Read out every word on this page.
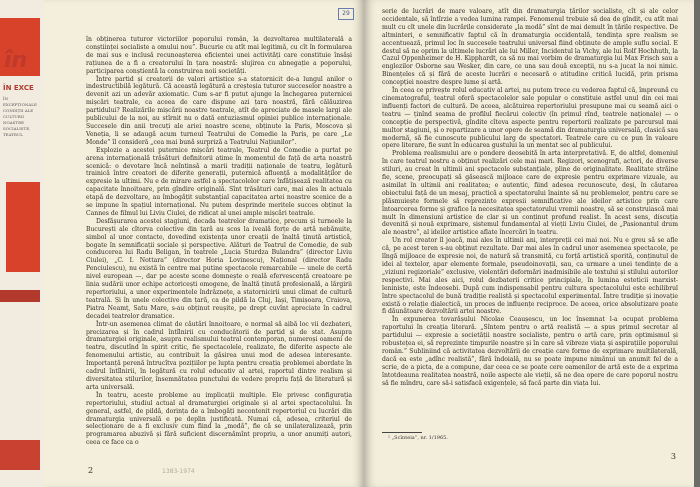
în
ÎN EXCE
ÎN EXCEPȚIONALE CONDIȚII ALE CULTURII NOASTRE SOCIALISTE, TEATRUL
29

în obținerea tuturor victoriilor poporului român, la dezvoltarea multilaterală a conștiinței socialiste a omului nou”. Bucurie cu atît mai legitimă, cu cît în formularea de mai sus e inclusă recunoașterea eficientei unei activități care constituie însăși rațiunea de a fi a creatorului în țara noastră: slujirea cu abnegație a poporului, participarea conștientă la construirea noii societăți.

Între partid și creatorii de valori artistice s-a statornicit de-a lungul anilor o indestructibilă legătură. Că această legătură a creșteșia tuturor succeselor noastre a devenit azi un adevăr axiomatic. Cum s-ar fi putut ajunge la închegarea puternicei mișcări teatrale, ca aceea de care dispune azi țara noastră, fără călăuzirea partidului? Realizările mișcării noastre teatrale, atît de apreciate de masele largi ale publicului de la noi, au stîrnit nu o dată entuziasmul opiniei publice internaționale. Succesele din anii trecuți ale ariei noastre scene, obținute la Paris, Moscova și Veneția, li se adaugă acum turneul Teatrului de Comedie la Paris, pe care „Le Monde” îl consideră „cea mai bună surpriză a Teatrului Națiunilor”.

Explozie a acestei puternice mișcări teatrale, Teatrul de Comedie a purtat pe arena internațională trăsături definitorii atime în momentul de față de arta noastră scenică: o devotare încă neîntinsă a marii tradiții naționale de teatru, legătură trainică între creatori de diferite generații, puternică afluență a modalităților de expresie la ultimi. Nu e de mirare astfel a spectacolelor care înfățișează realitatea cu capacitate înnoitoare, prin gîndire originală. Sînt trăsături care, mai ales în actuala etapă de dezvoltare, au îmbogățit substanțial capacitatea artei noastre scenice de a se impune în spațiul internațional. Nu putem desprinde meritele succes obținut la Cannes de filmul lui Liviu Ciulei, de ridicat al unei ample mișcări teatrale.

Desfășurarea acestei stagiuni, decada teatrelor dramatice, precum și turneele la București ale cîtorva colective din țară au scos la iveală forțe de artă nebănuite, simbol al unor contacte, dovedind existența unor creații de înaltă ținută artistică, bogate în semnificații sociale și perspective. Alături de Teatrul de Comedie, de sub conducerea lui Radu Beligan, în teatrele „Lucia Sturdza Bulandra” (director Liviu Ciulei), „C. I. Nottara” (director Horia Lovinescu), Național (director Radu Penciulescu), nu există în centre mai putine spectacole remarcabile — unele de certă nivel european —, dar pe aceste scene domnește o reală efervescență creatoare pe linia sudării unor echipe actoricești omogene, de înaltă ținută profesională, a lărgirii repertoriului, a unor experimentele îndrăznețe, a statornicirii unui climat de cultură teatrală. Și în unele colective din țară, ca de pildă la Cluj, Iași, Timișoara, Craiova, Piatra Neamț, Satu Mare, s-au obținut reușite, pe drept cuvînt apreciate în cadrul decadei teatrelor dramatice.

Într-un asemenea climat de căutări înnoitoare, e normal să aibă loc vii dezbateri, precizarea și în cadrul întîlnirii cu conducătorii de partid și de stat. Asupra dramaturgiei originale, asupra realismului teatral contemporan, numeroși oameni de teatru, discutînd în spirit critic, fie spectacolele, realizate, fie diferite aspecte ale fenomenului artistic, au contribuit la găsirea unui mod de adesea interesante. Importanță perenă întrucîtva pozițiilor pe lupta pentru creația problemei abordate în cadrul întîlnirii, în legătură cu rolul educativ al artei, raportul dintre realism și diversitatea stilurilor, însemnătatea punctului de vedere propriu față de literatură și arta universală.

În teatru, aceste probleme au implicații multiple. Ele privesc configurația repertoriului, studiul actual al dramaturgiei originale și al artei spectacolului. În general, astfel, de pildă, dorința de a îmbogăți necontenit repertoriul cu lucrări din dramaturgia universală e pe deplin justificată. Numai că, adesea, criteriul de selecționare de a fi exclusiv cum fiind la „modă”, fie că se unilateralizează, prin programarea abuzivă și fără suficient discernămînt propriu, a unor anumiți autori, ceea ce face ca o

2	1383-1974

serie de lucrări de mare valoare, atît din dramaturgia țărilor socialiste, cît și ale celor occidentale, să întîrzie a vedea lumina rampei. Fenomenul trebuie să dea de gîndit, cu atît mai mult cu cît unele din lucrările considerate „la modă” sînt de mai demult în țările respective. De altminteri, e semnificativ faptul că în dramaturgia occidentală, tendința spre realism se accentuează, primul loc în succesele teatrului universal fiind obținute de ample suflu social. E destul să ne oprim la ultimele lucrări ale lui Miller, Incidentul la Vichy, ale lui Rolf Hochhuth, la Cazul Oppenheimer de H. Kipphardt, ca să nu mai vorbim de dramaturgia lui Max Frisch sau a englezilor Osborne sau Wesker, din care, ce una sau două excepții, nu s-a jucat la noi nimic. Binențeles că și fără de aceste lucrări e necesară o atitudine critică lucidă, prin prisma concepției noastre despre lume și artă.

În ceea ce privește rolul educativ al artei, nu putem trece cu vederea faptul că, împreună cu cinematograful, teatrul oferă spectacolelor sale popular o constituie astfel unul din cei mai influenți factori de cultură. De aceea, alcătuirea repertoriului presupune mai cu seamă aici o teatru — ținînd seama de profilul fiecărui colectiv (în primul rînd, teatrele naționale) — o concepție de perspectivă, gîndite cîteva aspecte pentru repertorii realizate pe parcursul mai multor stagiuni, și o repartizare a unor opere de seamă din dramaturgia universală, clasică sau modernă, să fie cunoscute publicului larg de spectatori. Teatrele care cu ce pun în valoare opere literare, fie sunt în educarea gustului la un mentat sec al publicului.

Problema realismului are o pondere deosebită în arta interpretativă. E, de altfel, domeniul în care teatrul nostru a obținut realizări cele mai mari. Regizori, scenografi, actori, de diverse stiluri, au creat în ultimii ani spectacole substanțiale, pline de originalitate. Realitate străine fie, scene, preocupați să găsească mijloace care de expresie pentru exprimare vizuale, au asimilat în ultimii ani realitatea; e autentic, fiind adesea recunoscute, deși, în căutarea obiectului față de un mesaj, practică a spectatorului înainte să nu problemelor, pentru care se plăsmuiește formele să reprezinte expresii semnificative ale ideilor artistice prin care întoarcerea forme și grafice la necesitatea spectatorului vremii noastre, să se construiască mai mult în dimensiuni artistice de clar și un conținut profund realist. În acest sens, discuția devenită și nouă exprimare, sistemul fundamental al vieții Liviu Ciulei, de „Pasionantul drum ale noastre”, al ideilor artistice aflate încercări în teatru.

Un rol creator îl joacă, mai ales în ultimii ani, interpreții cei mai noi. Nu e greu să se afle că, pe acest teren s-au obținut rezultate. Dar mai ales în cadrul unor asemenea spectacole, pe lîngă mijloace de expresie noi, de natură să transmită, cu forță artistică sporită, conținutul de idei al textelor, apar elemente formale, pseudoinovații, sau, ca urmare a unei tendințe de a „viziuni regizoriale” exclusive, violentări deformări inadmisibile ale textului și stilului autorilor respectivi. Mai ales aici, rolul dezbaterii critice principiale, în lumina esteticii marxist-leniniste, este îndeosebi. După cum indispensabil pentru cultura spectacolului este echilibrul între spectacolul de bună tradiție realistă și spectacolul experimental. Între tradiție și inovație există o relație dialectică, un proces de influențe reciproce. De aceea, orice absolutizare poate fi dăunătoare dezvoltării artei noastre.

În expunerea tovarășului Nicolae Ceaușescu, un loc însemnat l-a ocupat problema raportului în creația literară. „Sîntem pentru o artă realistă — a spus primul secretar al partidului — expresie a societății noastre socialiste, pentru o artă care, prin optimismul și robustețea ei, să reprezinte timpurile noastre și în care să vibreze viața și aspirațiile poporului român.” Subliniind că activitatea dezvoltării de creație care forme de exprimare multilaterală, dacă ea este „adînc realistă”, fără îndoială, nu se poate impune nimănui un anumit fel de a scrie, de a picta, de a compune, dar ceea ce se poate cere oamenilor de artă este de a exprima întotdeauna realitatea noastră, noile aspecte ale vieții, să ne dea opere de care poporul nostru să fie mîndru, care să-i satisfacă exigențele, să facă parte din viața lui.

¹ „Scînteia”, nr. 1/1965.
3
